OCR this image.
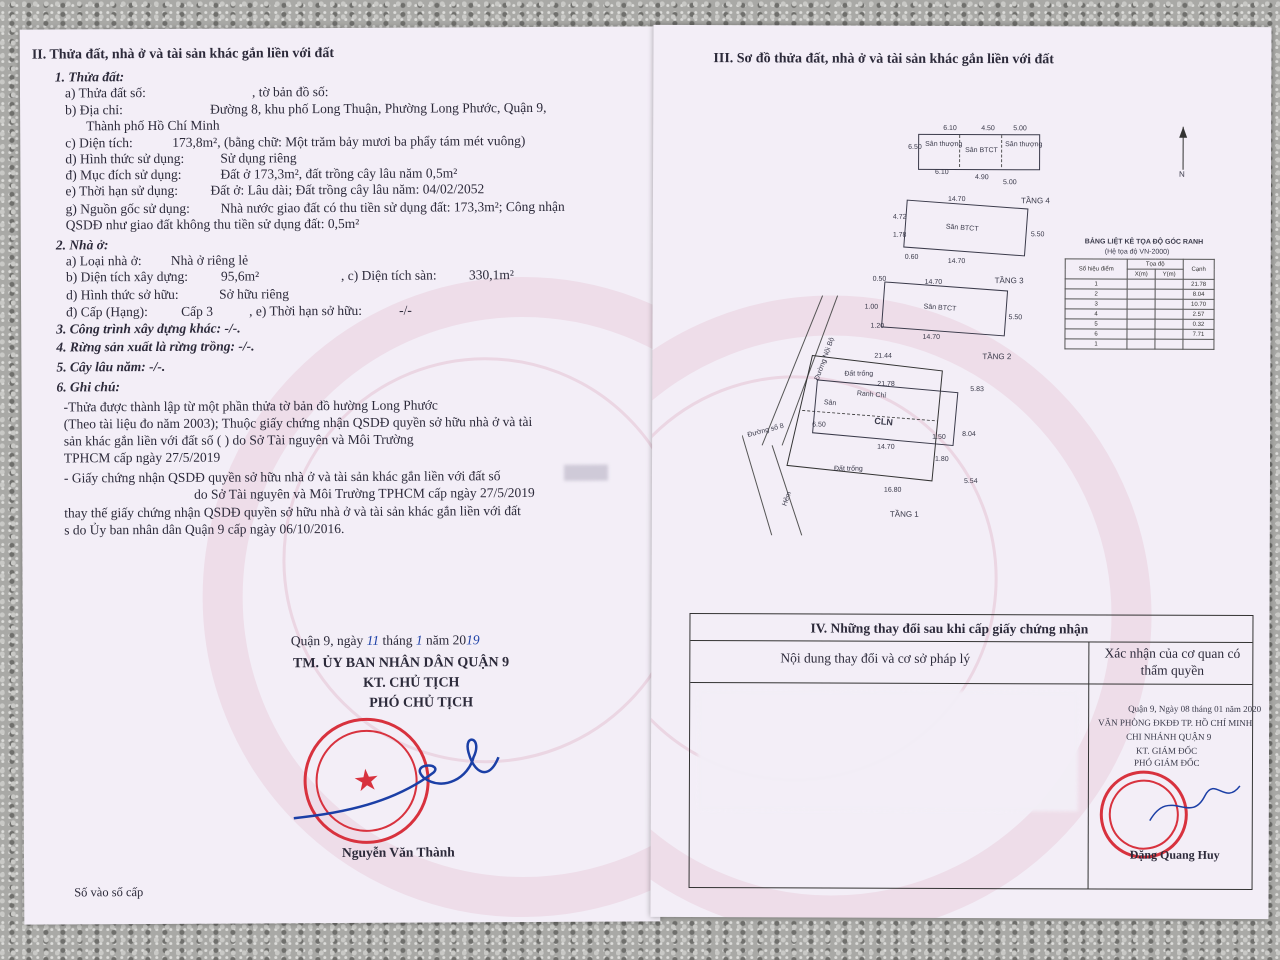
II. Thửa đất, nhà ở và tài sản khác gắn liền với đất
1. Thửa đất:
a) Thửa đất số:	, tờ bản đồ số:
b) Địa chỉ:	Đường 8, khu phố Long Thuận, Phường Long Phước, Quận 9,
Thành phố Hồ Chí Minh
c) Diện tích:	173,8m², (bằng chữ: Một trăm bảy mươi ba phẩy tám mét vuông)
d) Hình thức sử dụng:	Sử dụng riêng
đ) Mục đích sử dụng:	Đất ở 173,3m², đất trồng cây lâu năm 0,5m²
e) Thời hạn sử dụng: Đất ở: Lâu dài; Đất trồng cây lâu năm: 04/02/2052
g) Nguồn gốc sử dụng: Nhà nước giao đất có thu tiền sử dụng đất: 173,3m²; Công nhận
QSDĐ như giao đất không thu tiền sử dụng đất: 0,5m²
2. Nhà ở:
a) Loại nhà ở: Nhà ở riêng lẻ
b) Diện tích xây dựng: 95,6m²	, c) Diện tích sàn: 330,1m²
d) Hình thức sở hữu:	Sở hữu riêng
đ) Cấp (Hạng): Cấp 3	, e) Thời hạn sở hữu:	-/-
3. Công trình xây dựng khác: -/-.
4. Rừng sản xuất là rừng trồng: -/-.
5. Cây lâu năm: -/-.
6. Ghi chú:
-Thửa được thành lập từ một phần thửa tờ bản đồ hường Long Phước
(Theo tài liệu đo năm 2003); Thuộc giấy chứng nhận QSDĐ quyền sở hữu nhà ở và tài
sản khác gắn liền với đất số ( ) do Sở Tài nguyên và Môi Trường
TPHCM cấp ngày 27/5/2019
- Giấy chứng nhận QSDĐ quyền sở hữu nhà ở và tài sản khác gắn liền với đất số
do Sở Tài nguyên và Môi Trường TPHCM cấp ngày 27/5/2019
thay thế giấy chứng nhận QSDĐ quyền sở hữu nhà ở và tài sản khác gắn liền với đất
s do Ủy ban nhân dân Quận 9 cấp ngày 06/10/2016.
Quận 9, ngày 11 tháng 1 năm 2019
TM. ỦY BAN NHÂN DÂN QUẬN 9
KT. CHỦ TỊCH
PHÓ CHỦ TỊCH
★
Nguyễn Văn Thành
Số vào số cấp
III. Sơ đồ thửa đất, nhà ở và tài sản khác gắn liền với đất
Sân thượng
Sân BTCT
Sân thượng
6.10	4.50	5.00
6.10
4.90
5.00
6.50
TẦNG 4
N
Sân BTCT
14.70
14.70
4.72
1.78
0.60
5.50
TẦNG 3
Sân BTCT
0.50	14.70
14.70
1.20
1.00
5.50
TẦNG 2
Sân
Ranh Chỉ
CLN
Đất trống
Đất trống
21.44
21.78
14.70
16.80
1.80
8.04
5.54
6.50
1.50
5.83
Đường Nội Bộ
Đường số 8
Hẻm
TẦNG 1
BẢNG LIỆT KÊ TỌA ĐỘ GÓC RANH
(Hệ tọa độ VN-2000)
Số hiệu điểm	Tọa độ		Cạnh
	X(m)	Y(m)	
1			21.78
2			8.04
3			10.70
4			2.57
5			0.32
6			7.71
1			
IV. Những thay đổi sau khi cấp giấy chứng nhận
Nội dung thay đổi và cơ sở pháp lý	Xác nhận của cơ quan có thẩm quyền
Quận 9, Ngày 08 tháng 01 năm 2020
VĂN PHÒNG ĐKĐĐ TP. HỒ CHÍ MINH
CHI NHÁNH QUẬN 9
KT. GIÁM ĐỐC
PHÓ GIÁM ĐỐC
Đặng Quang Huy
